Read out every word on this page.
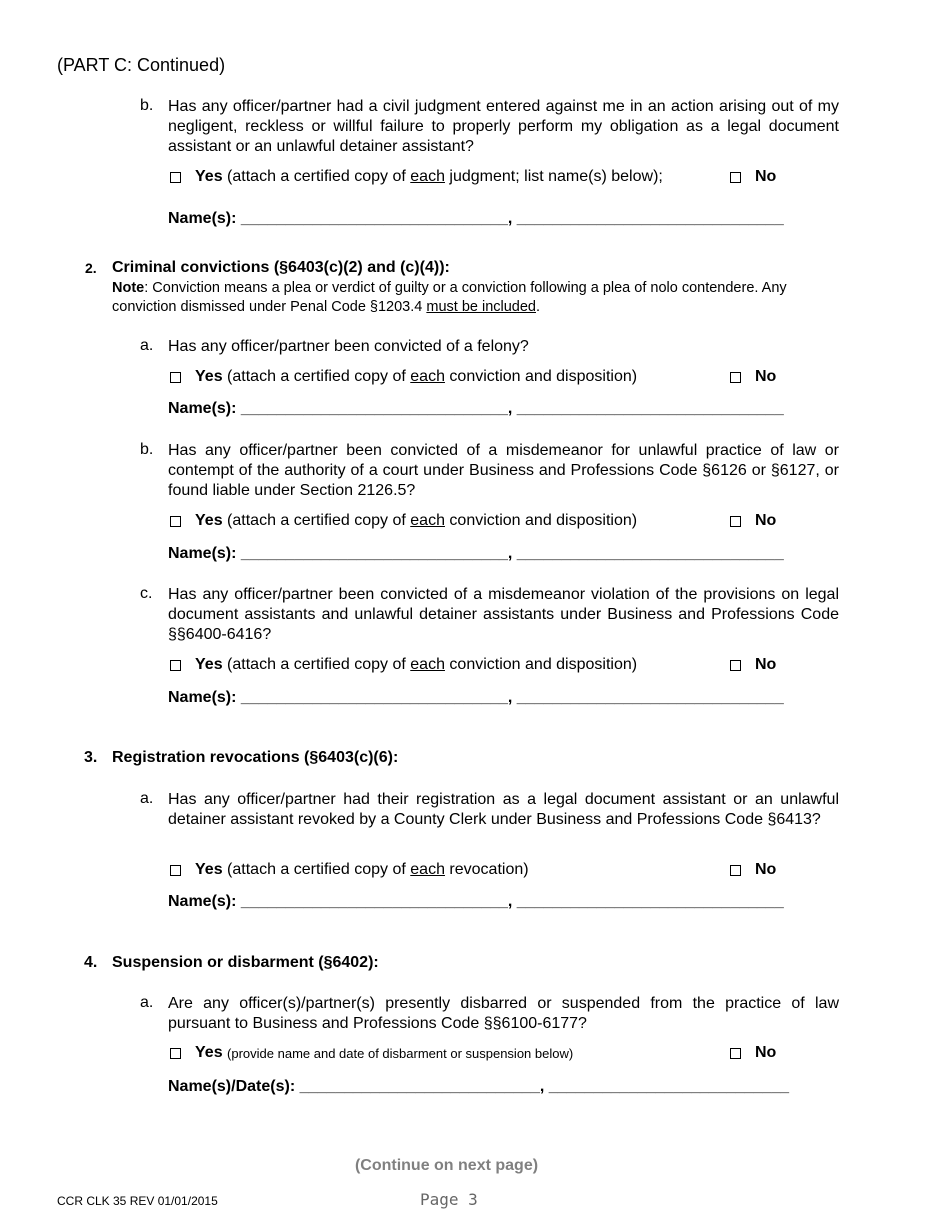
(PART C: Continued)
b. Has any officer/partner had a civil judgment entered against me in an action arising out of my negligent, reckless or willful failure to properly perform my obligation as a legal document assistant or an unlawful detainer assistant?
Yes
(attach a certified copy of
each
judgment; list name(s) below);	No
Name(s): ______________________________, ______________________________
2. Criminal convictions (§6403(c)(2) and (c)(4)):
Note: Conviction means a plea or verdict of guilty or a conviction following a plea of nolo contendere. Any conviction dismissed under Penal Code §1203.4 must be included.
a. Has any officer/partner been convicted of a felony?
Yes
(attach a certified copy of
each
conviction and disposition)	No
Name(s): ______________________________, ______________________________
b. Has any officer/partner been convicted of a misdemeanor for unlawful practice of law or contempt of the authority of a court under Business and Professions Code §6126 or §6127, or found liable under Section 2126.5?
Yes
(attach a certified copy of
each
conviction and disposition)	No
Name(s): ______________________________, ______________________________
c. Has any officer/partner been convicted of a misdemeanor violation of the provisions on legal document assistants and unlawful detainer assistants under Business and Professions Code §§6400-6416?
Yes
(attach a certified copy of
each
conviction and disposition)	No
Name(s): ______________________________, ______________________________
3. Registration revocations (§6403(c)(6):
a. Has any officer/partner had their registration as a legal document assistant or an unlawful detainer assistant revoked by a County Clerk under Business and Professions Code §6413?
Yes
(attach a certified copy of
each
revocation)	No
Name(s): ______________________________, ______________________________
4. Suspension or disbarment (§6402):
a. Are any officer(s)/partner(s) presently disbarred or suspended from the practice of law pursuant to Business and Professions Code §§6100-6177?
Yes
(provide name and date of disbarment or suspension below)	No
Name(s)/Date(s): ___________________________, ___________________________
(Continue on next page)
CCR CLK 35 REV 01/01/2015	Page 3
